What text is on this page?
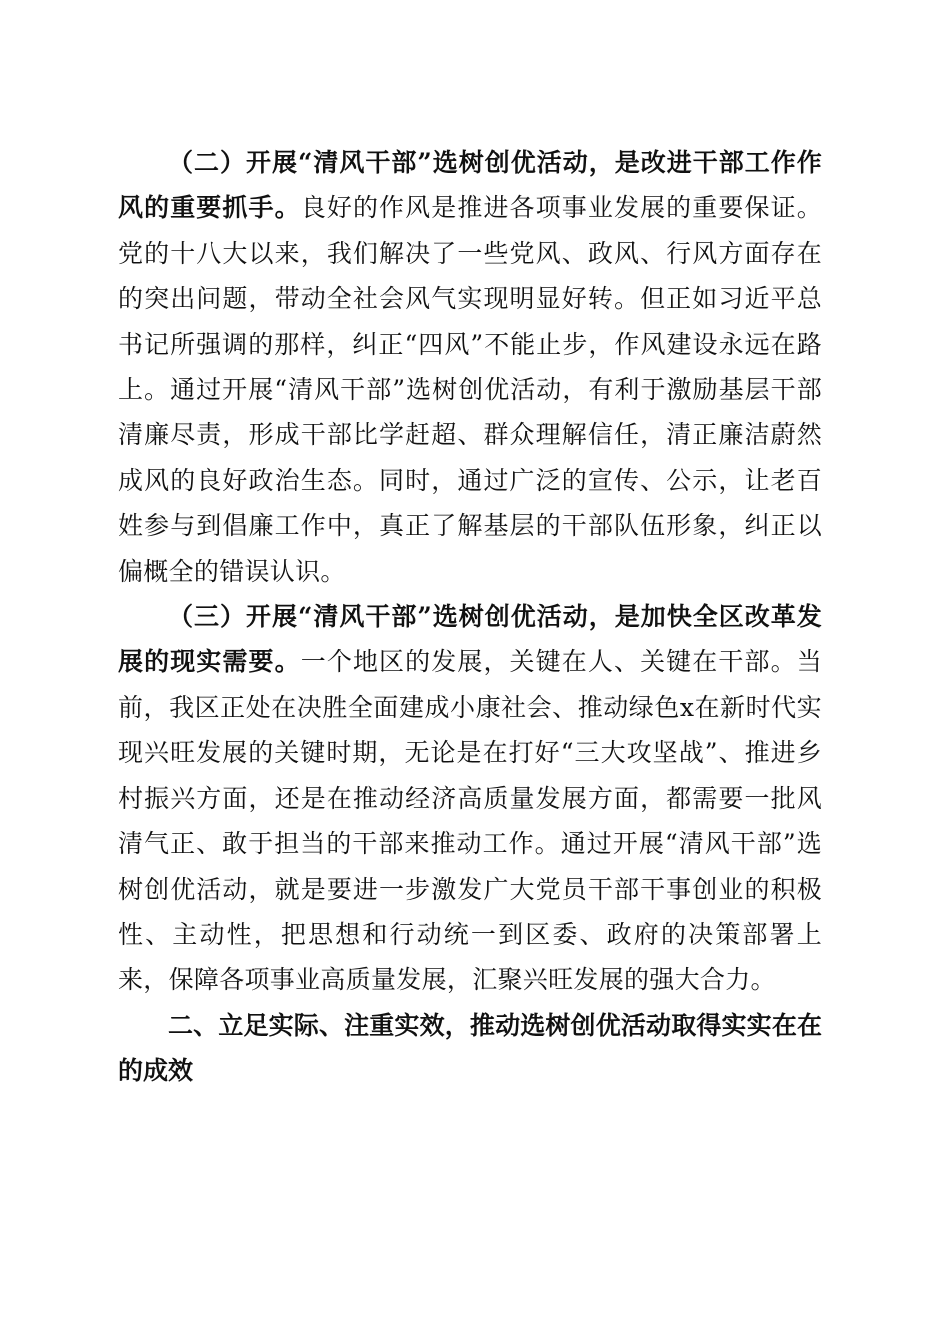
（二）开展“清风干部”选树创优活动，是改进干部工作作风的重要抓手。良好的作风是推进各项事业发展的重要保证。党的十八大以来，我们解决了一些党风、政风、行风方面存在的突出问题，带动全社会风气实现明显好转。但正如习近平总书记所强调的那样，纠正“四风”不能止步，作风建设永远在路上。通过开展“清风干部”选树创优活动，有利于激励基层干部清廉尽责，形成干部比学赶超、群众理解信任，清正廉洁蔚然成风的良好政治生态。同时，通过广泛的宣传、公示，让老百姓参与到倡廉工作中，真正了解基层的干部队伍形象，纠正以偏概全的错误认识。

（三）开展“清风干部”选树创优活动，是加快全区改革发展的现实需要。一个地区的发展，关键在人、关键在干部。当前，我区正处在决胜全面建成小康社会、推动绿色x在新时代实现兴旺发展的关键时期，无论是在打好“三大攻坚战”、推进乡村振兴方面，还是在推动经济高质量发展方面，都需要一批风清气正、敢于担当的干部来推动工作。通过开展“清风干部”选树创优活动，就是要进一步激发广大党员干部干事创业的积极性、主动性，把思想和行动统一到区委、政府的决策部署上来，保障各项事业高质量发展，汇聚兴旺发展的强大合力。

二、立足实际、注重实效，推动选树创优活动取得实实在在的成效
